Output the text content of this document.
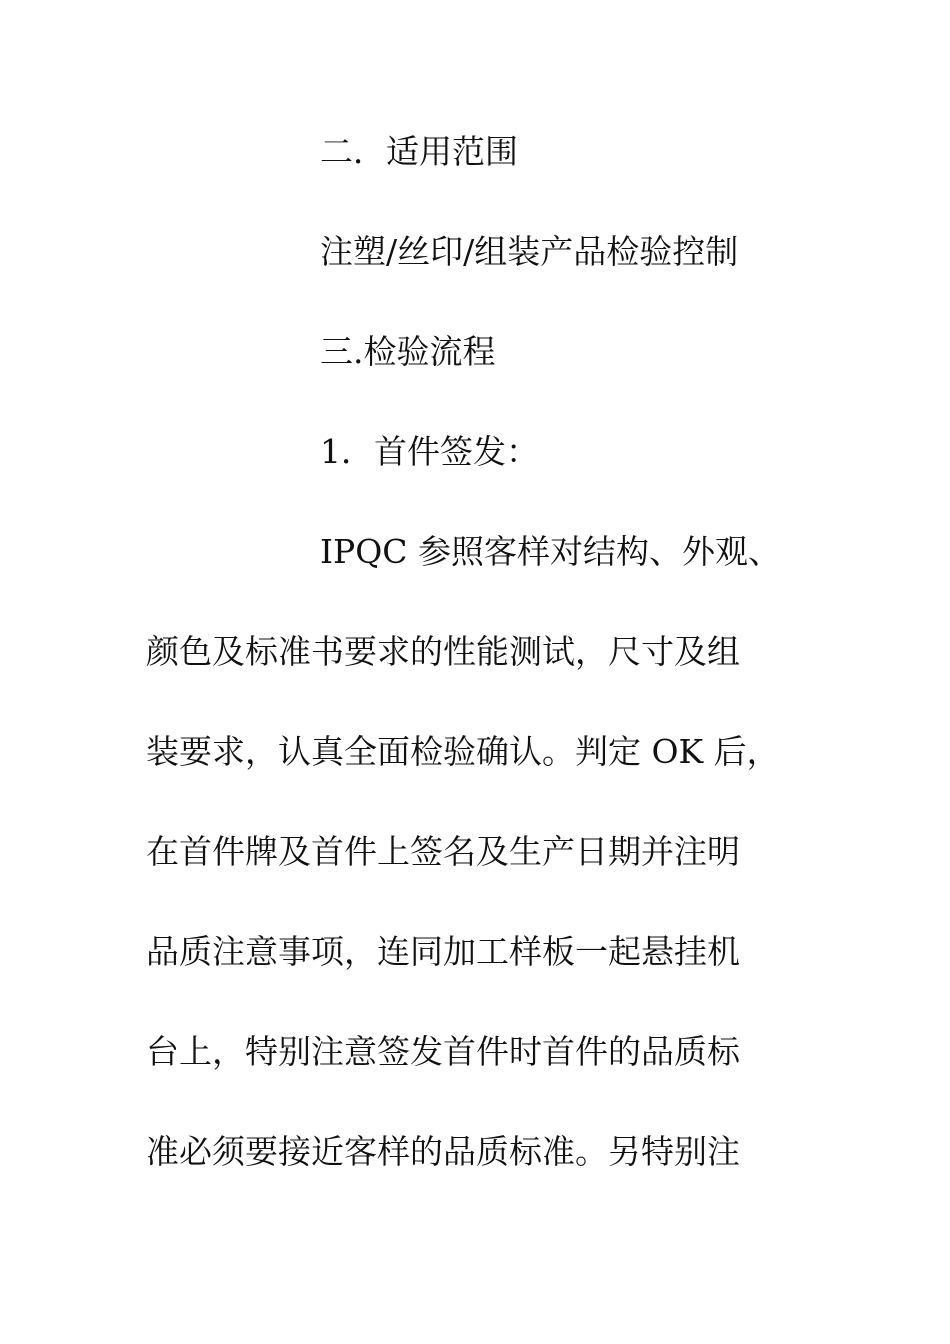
二．适用范围

注塑/丝印/组装产品检验控制

三.检验流程

1．首件签发：

IPQC 参照客样对结构、外观、

颜色及标准书要求的性能测试，尺寸及组

装要求，认真全面检验确认。判定 OK 后，

在首件牌及首件上签名及生产日期并注明

品质注意事项，连同加工样板一起悬挂机

台上，特别注意签发首件时首件的品质标

准必须要接近客样的品质标准。另特别注
